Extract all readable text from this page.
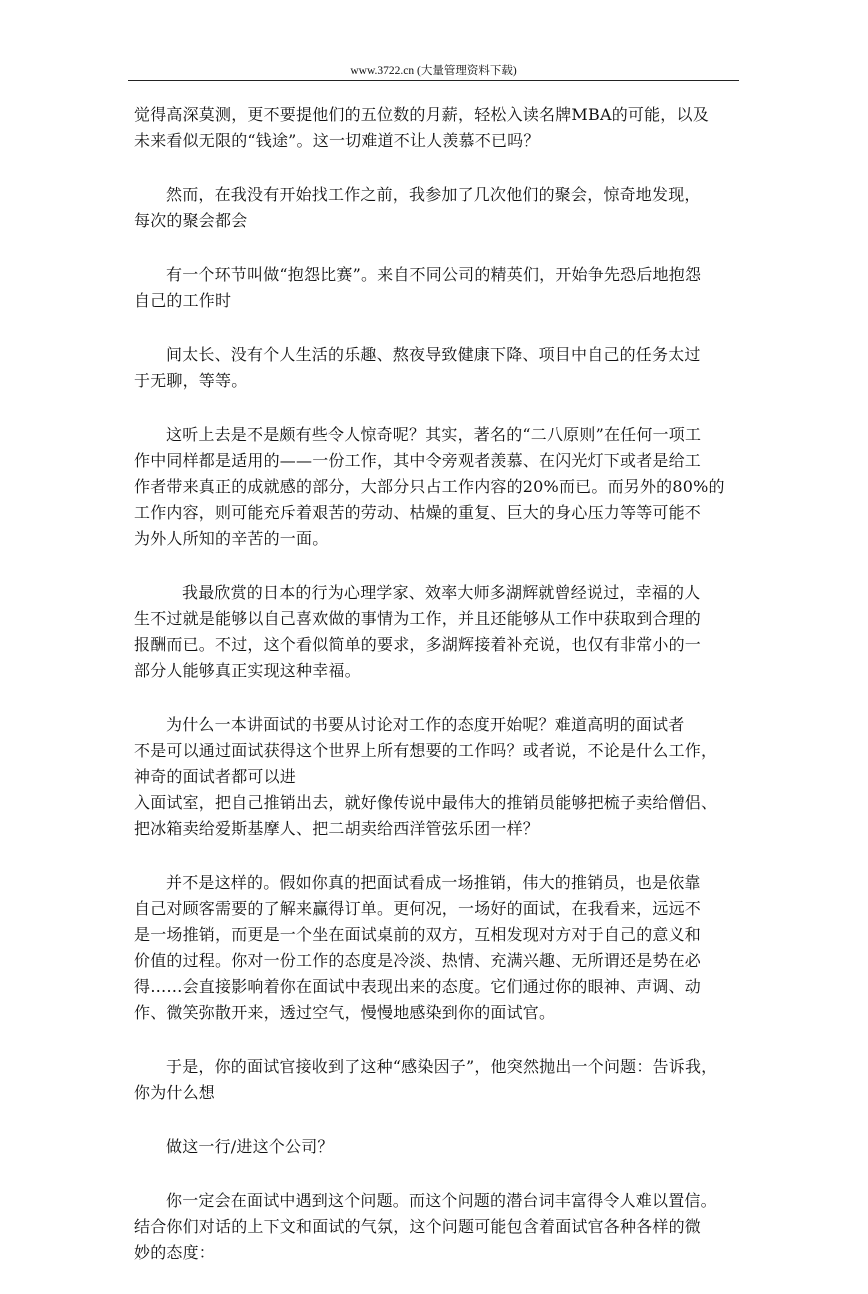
www.3722.cn (大量管理资料下载)
觉得高深莫测，更不要提他们的五位数的月薪，轻松入读名牌MBA的可能，以及
未来看似无限的“钱途”。这一切难道不让人羡慕不已吗？
然而，在我没有开始找工作之前，我参加了几次他们的聚会，惊奇地发现，
每次的聚会都会
有一个环节叫做“抱怨比赛”。来自不同公司的精英们，开始争先恐后地抱怨
自己的工作时
间太长、没有个人生活的乐趣、熬夜导致健康下降、项目中自己的任务太过
于无聊，等等。
这听上去是不是颇有些令人惊奇呢？其实，著名的“二八原则”在任何一项工
作中同样都是适用的——一份工作，其中令旁观者羡慕、在闪光灯下或者是给工
作者带来真正的成就感的部分，大部分只占工作内容的20%而已。而另外的80%的
工作内容，则可能充斥着艰苦的劳动、枯燥的重复、巨大的身心压力等等可能不
为外人所知的辛苦的一面。
我最欣赏的日本的行为心理学家、效率大师多湖辉就曾经说过，幸福的人
生不过就是能够以自己喜欢做的事情为工作，并且还能够从工作中获取到合理的
报酬而已。不过，这个看似简单的要求，多湖辉接着补充说，也仅有非常小的一
部分人能够真正实现这种幸福。
为什么一本讲面试的书要从讨论对工作的态度开始呢？难道高明的面试者
不是可以通过面试获得这个世界上所有想要的工作吗？或者说，不论是什么工作，
神奇的面试者都可以进
入面试室，把自己推销出去，就好像传说中最伟大的推销员能够把梳子卖给僧侣、
把冰箱卖给爱斯基摩人、把二胡卖给西洋管弦乐团一样？
并不是这样的。假如你真的把面试看成一场推销，伟大的推销员，也是依靠
自己对顾客需要的了解来赢得订单。更何况，一场好的面试，在我看来，远远不
是一场推销，而更是一个坐在面试桌前的双方，互相发现对方对于自己的意义和
价值的过程。你对一份工作的态度是冷淡、热情、充满兴趣、无所谓还是势在必
得……会直接影响着你在面试中表现出来的态度。它们通过你的眼神、声调、动
作、微笑弥散开来，透过空气，慢慢地感染到你的面试官。
于是，你的面试官接收到了这种“感染因子”，他突然抛出一个问题：告诉我，
你为什么想
做这一行/进这个公司？
你一定会在面试中遇到这个问题。而这个问题的潜台词丰富得令人难以置信。
结合你们对话的上下文和面试的气氛，这个问题可能包含着面试官各种各样的微
妙的态度：
